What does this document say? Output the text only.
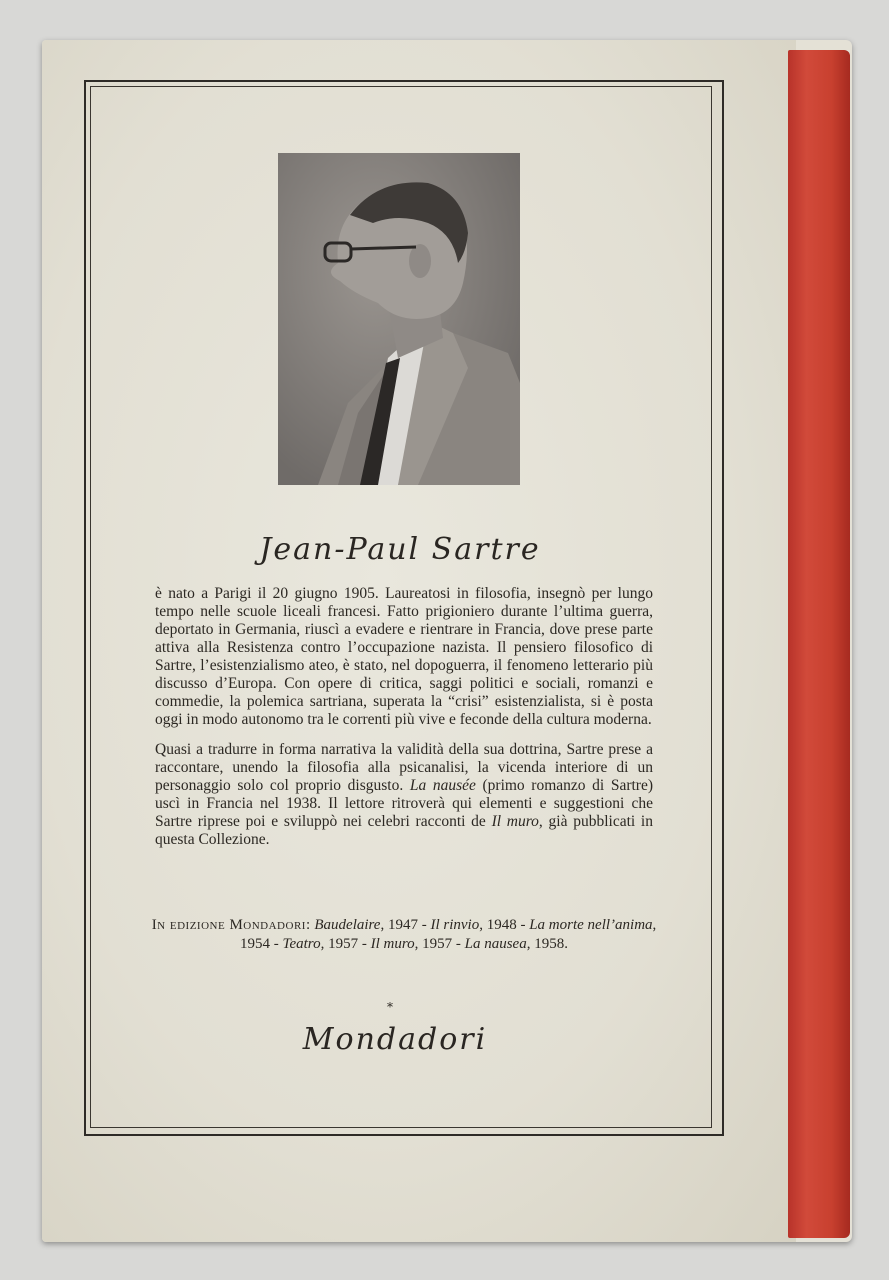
Jean-Paul Sartre

è nato a Parigi il 20 giugno 1905. Laureatosi in filosofia, insegnò per lungo tempo nelle scuole liceali francesi. Fatto prigioniero durante l’ultima guerra, deportato in Germania, riuscì a evadere e rientrare in Francia, dove prese parte attiva alla Resistenza contro l’occupazione nazista. Il pensiero filosofico di Sartre, l’esistenzialismo ateo, è stato, nel dopoguerra, il fenomeno letterario più discusso d’Europa. Con opere di critica, saggi politici e sociali, romanzi e commedie, la polemica sartriana, superata la “crisi” esistenzialista, si è posta oggi in modo autonomo tra le correnti più vive e feconde della cultura moderna.

Quasi a tradurre in forma narrativa la validità della sua dottrina, Sartre prese a raccontare, unendo la filosofia alla psicanalisi, la vicenda interiore di un personaggio solo col proprio disgusto. La nausée (primo romanzo di Sartre) uscì in Francia nel 1938. Il lettore ritroverà qui elementi e suggestioni che Sartre riprese poi e sviluppò nei celebri racconti de Il muro, già pubblicati in questa Collezione.

In edizione Mondadori: Baudelaire, 1947 - Il rinvio, 1948 - La morte nell’anima, 1954 - Teatro, 1957 - Il muro, 1957 - La nausea, 1958.
*
Mondadori
